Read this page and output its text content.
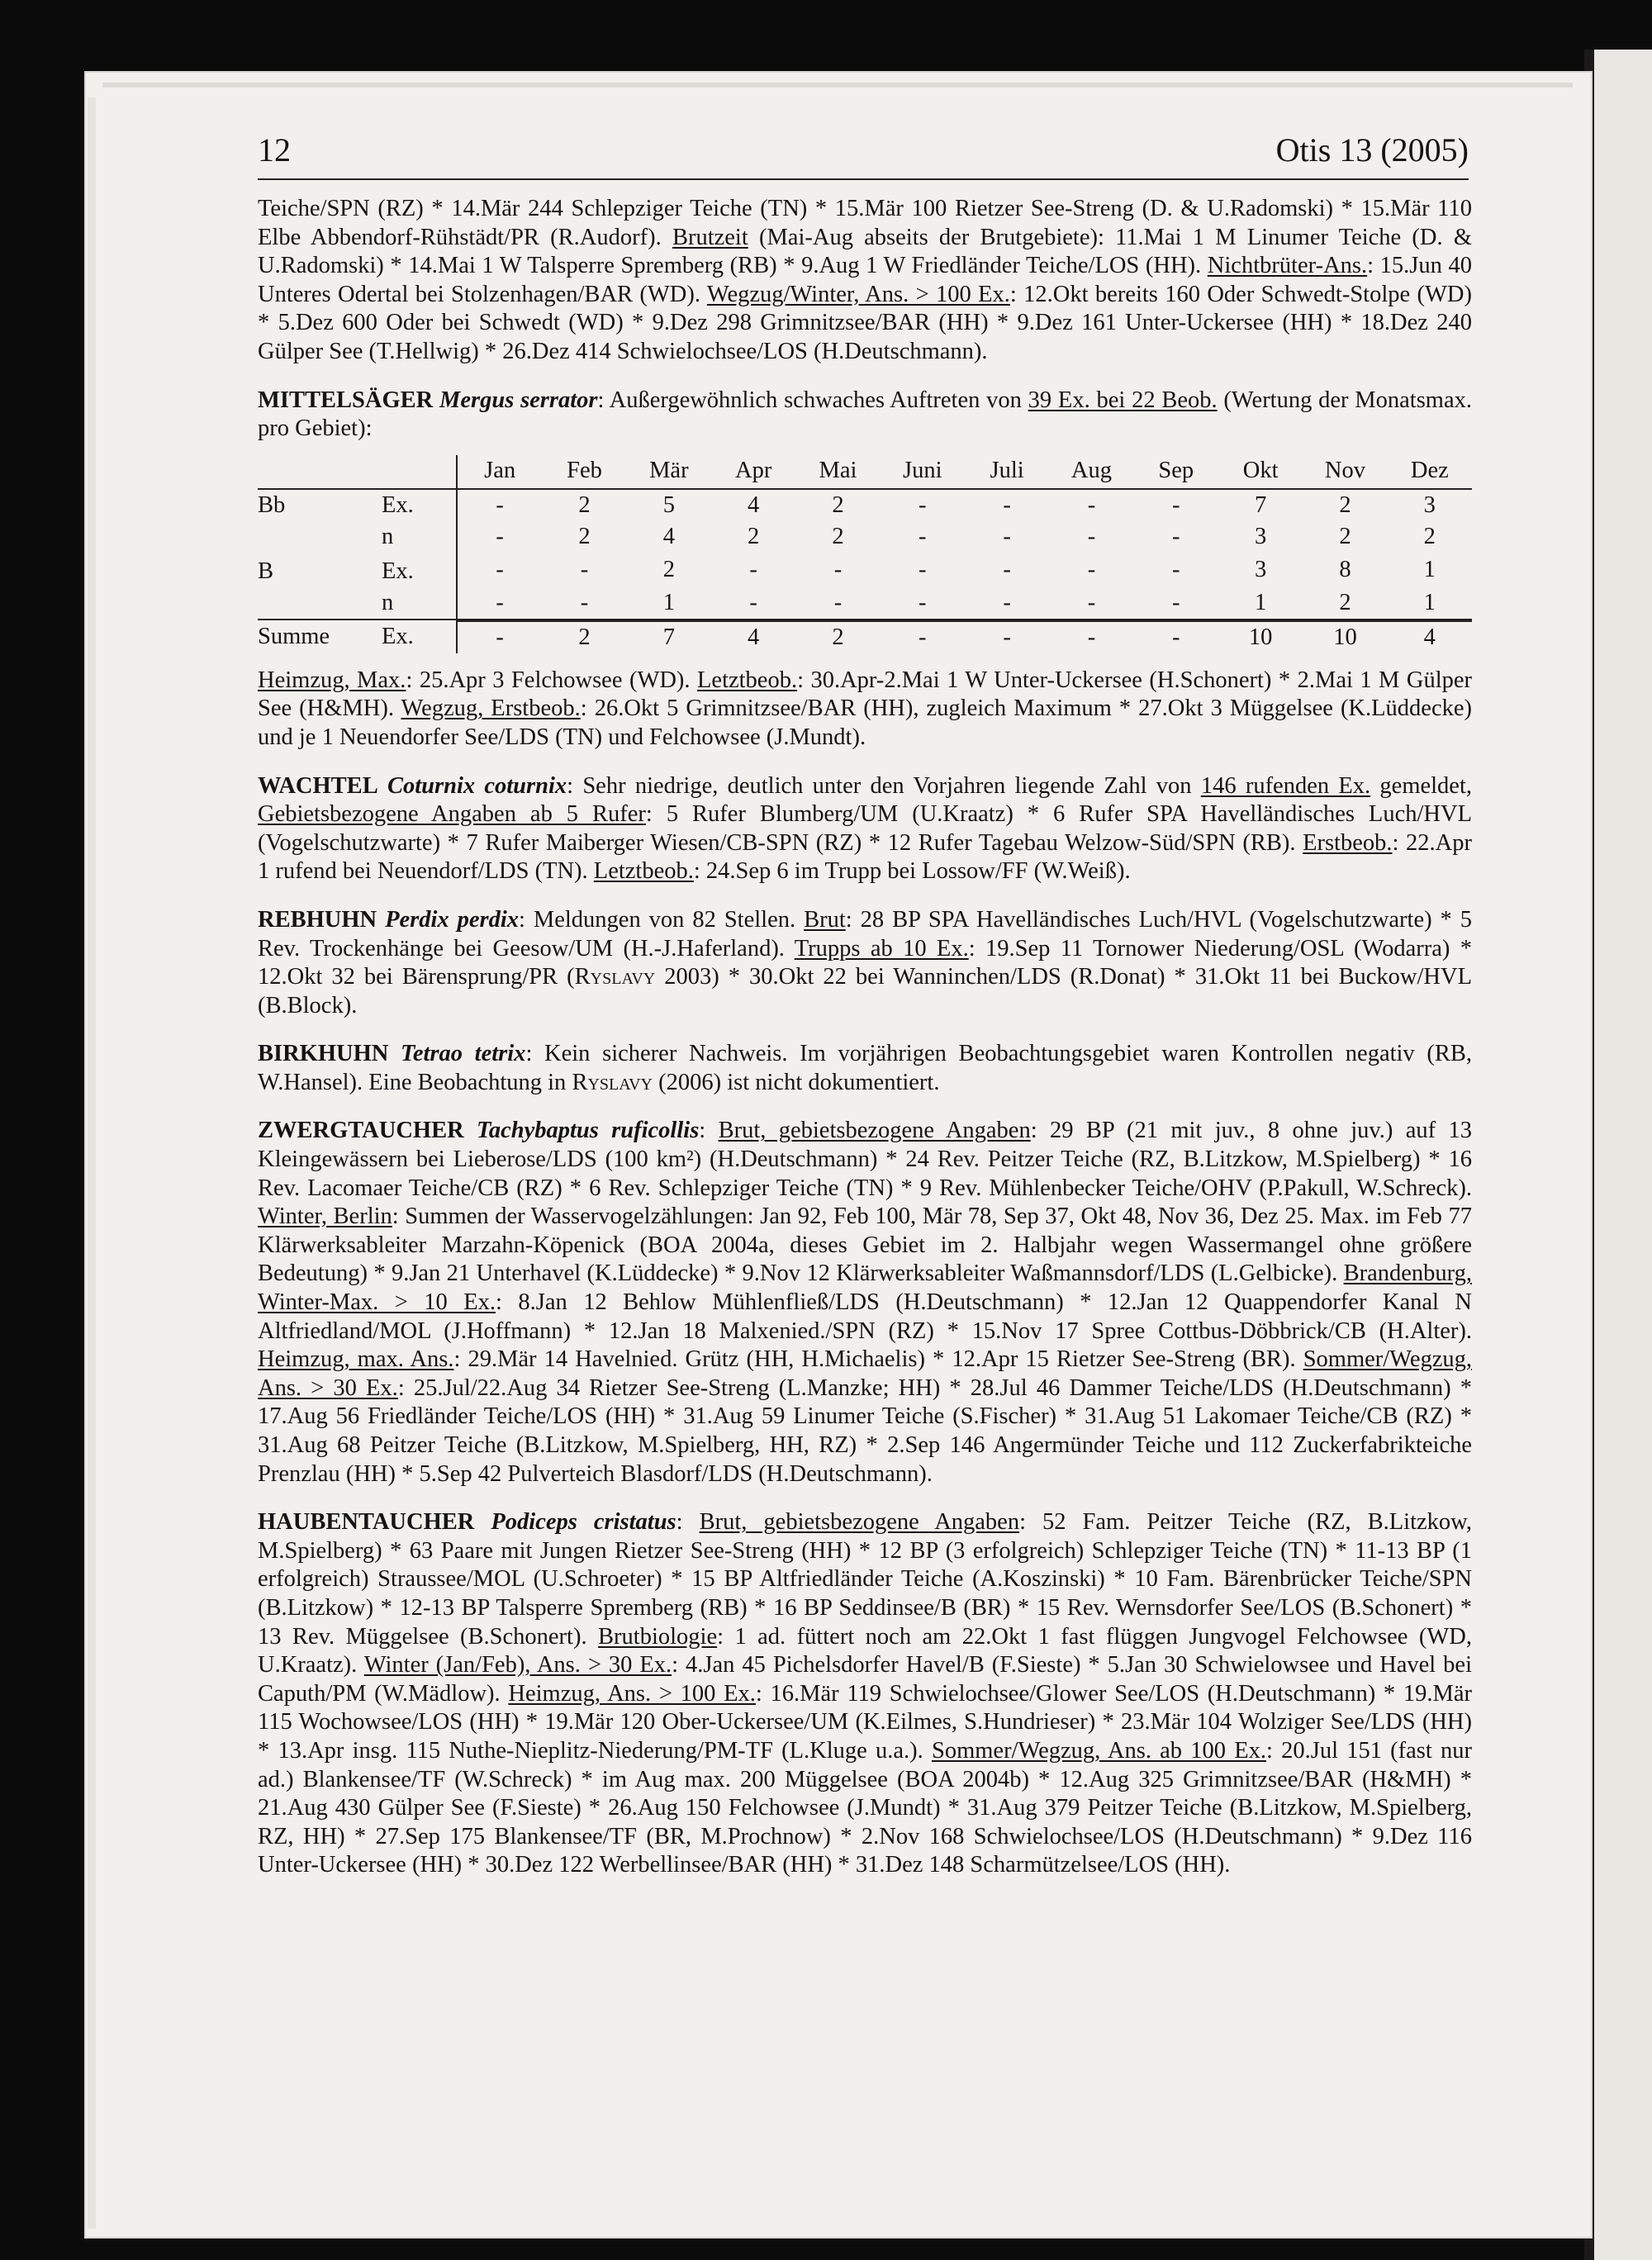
12	Otis 13 (2005)

Teiche/SPN (RZ) * 14.Mär 244 Schlepziger Teiche (TN) * 15.Mär 100 Rietzer See-Streng (D. & U.Radomski) * 15.Mär 110 Elbe Abbendorf-Rühstädt/PR (R.Audorf). Brutzeit (Mai-Aug abseits der Brutgebiete): 11.Mai 1 M Linumer Teiche (D. & U.Radomski) * 14.Mai 1 W Talsperre Spremberg (RB) * 9.Aug 1 W Friedländer Teiche/LOS (HH). Nichtbrüter-Ans.: 15.Jun 40 Unteres Odertal bei Stolzenhagen/BAR (WD). Wegzug/Winter, Ans. > 100 Ex.: 12.Okt bereits 160 Oder Schwedt-Stolpe (WD) * 5.Dez 600 Oder bei Schwedt (WD) * 9.Dez 298 Grimnitzsee/BAR (HH) * 9.Dez 161 Unter-Uckersee (HH) * 18.Dez 240 Gülper See (T.Hellwig) * 26.Dez 414 Schwielochsee/LOS (H.Deutschmann).

MITTELSÄGER Mergus serrator: Außergewöhnlich schwaches Auftreten von 39 Ex. bei 22 Beob. (Wertung der Monatsmax. pro Gebiet):

Jan	Feb	Mär	Apr	Mai	Juni	Juli	Aug	Sep	Okt	Nov	Dez

Bb	Ex.		-	2	5	4	2	-	-	-	-	7	2	3

	n		-	2	4	2	2	-	-	-	-	3	2	2

B	Ex.		-	-	2	-	-	-	-	-	-	3	8	1

	n		-	-	1	-	-	-	-	-	-	1	2	1

Summe	Ex.		-	2	7	4	2	-	-	-	-	10	10	4

Heimzug, Max.: 25.Apr 3 Felchowsee (WD). Letztbeob.: 30.Apr-2.Mai 1 W Unter-Uckersee (H.Schonert) * 2.Mai 1 M Gülper See (H&MH). Wegzug, Erstbeob.: 26.Okt 5 Grimnitzsee/BAR (HH), zugleich Maximum * 27.Okt 3 Müggelsee (K.Lüddecke) und je 1 Neuendorfer See/LDS (TN) und Felchowsee (J.Mundt).

WACHTEL Coturnix coturnix: Sehr niedrige, deutlich unter den Vorjahren liegende Zahl von 146 rufenden Ex. gemeldet, Gebietsbezogene Angaben ab 5 Rufer: 5 Rufer Blumberg/UM (U.Kraatz) * 6 Rufer SPA Havelländisches Luch/HVL (Vogelschutzwarte) * 7 Rufer Maiberger Wiesen/CB-SPN (RZ) * 12 Rufer Tagebau Welzow-Süd/SPN (RB). Erstbeob.: 22.Apr 1 rufend bei Neuendorf/LDS (TN). Letztbeob.: 24.Sep 6 im Trupp bei Lossow/FF (W.Weiß).

REBHUHN Perdix perdix: Meldungen von 82 Stellen. Brut: 28 BP SPA Havelländisches Luch/HVL (Vogelschutzwarte) * 5 Rev. Trockenhänge bei Geesow/UM (H.-J.Haferland). Trupps ab 10 Ex.: 19.Sep 11 Tornower Niederung/OSL (Wodarra) * 12.Okt 32 bei Bärensprung/PR (Ryslavy 2003) * 30.Okt 22 bei Wanninchen/LDS (R.Donat) * 31.Okt 11 bei Buckow/HVL (B.Block).

BIRKHUHN Tetrao tetrix: Kein sicherer Nachweis. Im vorjährigen Beobachtungsgebiet waren Kontrollen negativ (RB, W.Hansel). Eine Beobachtung in Ryslavy (2006) ist nicht dokumentiert.

ZWERGTAUCHER Tachybaptus ruficollis: Brut, gebietsbezogene Angaben: 29 BP (21 mit juv., 8 ohne juv.) auf 13 Kleingewässern bei Lieberose/LDS (100 km²) (H.Deutschmann) * 24 Rev. Peitzer Teiche (RZ, B.Litzkow, M.Spielberg) * 16 Rev. Lacomaer Teiche/CB (RZ) * 6 Rev. Schlepziger Teiche (TN) * 9 Rev. Mühlenbecker Teiche/OHV (P.Pakull, W.Schreck). Winter, Berlin: Summen der Wasservogelzählungen: Jan 92, Feb 100, Mär 78, Sep 37, Okt 48, Nov 36, Dez 25. Max. im Feb 77 Klärwerksableiter Marzahn-Köpenick (BOA 2004a, dieses Gebiet im 2. Halbjahr wegen Wassermangel ohne größere Bedeutung) * 9.Jan 21 Unterhavel (K.Lüddecke) * 9.Nov 12 Klärwerksableiter Waßmannsdorf/LDS (L.Gelbicke). Brandenburg, Winter-Max. > 10 Ex.: 8.Jan 12 Behlow Mühlenfließ/LDS (H.Deutschmann) * 12.Jan 12 Quappendorfer Kanal N Altfriedland/MOL (J.Hoffmann) * 12.Jan 18 Malxenied./SPN (RZ) * 15.Nov 17 Spree Cottbus-Döbbrick/CB (H.Alter). Heimzug, max. Ans.: 29.Mär 14 Havelnied. Grütz (HH, H.Michaelis) * 12.Apr 15 Rietzer See-Streng (BR). Sommer/Wegzug, Ans. > 30 Ex.: 25.Jul/22.Aug 34 Rietzer See-Streng (L.Manzke; HH) * 28.Jul 46 Dammer Teiche/LDS (H.Deutschmann) * 17.Aug 56 Friedländer Teiche/LOS (HH) * 31.Aug 59 Linumer Teiche (S.Fischer) * 31.Aug 51 Lakomaer Teiche/CB (RZ) * 31.Aug 68 Peitzer Teiche (B.Litzkow, M.Spielberg, HH, RZ) * 2.Sep 146 Angermünder Teiche und 112 Zuckerfabrikteiche Prenzlau (HH) * 5.Sep 42 Pulverteich Blasdorf/LDS (H.Deutschmann).

HAUBENTAUCHER Podiceps cristatus: Brut, gebietsbezogene Angaben: 52 Fam. Peitzer Teiche (RZ, B.Litzkow, M.Spielberg) * 63 Paare mit Jungen Rietzer See-Streng (HH) * 12 BP (3 erfolgreich) Schlepziger Teiche (TN) * 11-13 BP (1 erfolgreich) Straussee/MOL (U.Schroeter) * 15 BP Altfriedländer Teiche (A.Koszinski) * 10 Fam. Bärenbrücker Teiche/SPN (B.Litzkow) * 12-13 BP Talsperre Spremberg (RB) * 16 BP Seddinsee/B (BR) * 15 Rev. Wernsdorfer See/LOS (B.Schonert) * 13 Rev. Müggelsee (B.Schonert). Brutbiologie: 1 ad. füttert noch am 22.Okt 1 fast flüggen Jungvogel Felchowsee (WD, U.Kraatz). Winter (Jan/Feb), Ans. > 30 Ex.: 4.Jan 45 Pichelsdorfer Havel/B (F.Sieste) * 5.Jan 30 Schwielowsee und Havel bei Caputh/PM (W.Mädlow). Heimzug, Ans. > 100 Ex.: 16.Mär 119 Schwielochsee/Glower See/LOS (H.Deutschmann) * 19.Mär 115 Wochowsee/LOS (HH) * 19.Mär 120 Ober-Uckersee/UM (K.Eilmes, S.Hundrieser) * 23.Mär 104 Wolziger See/LDS (HH) * 13.Apr insg. 115 Nuthe-Nieplitz-Niederung/PM-TF (L.Kluge u.a.). Sommer/Wegzug, Ans. ab 100 Ex.: 20.Jul 151 (fast nur ad.) Blankensee/TF (W.Schreck) * im Aug max. 200 Müggelsee (BOA 2004b) * 12.Aug 325 Grimnitzsee/BAR (H&MH) * 21.Aug 430 Gülper See (F.Sieste) * 26.Aug 150 Felchowsee (J.Mundt) * 31.Aug 379 Peitzer Teiche (B.Litzkow, M.Spielberg, RZ, HH) * 27.Sep 175 Blankensee/TF (BR, M.Prochnow) * 2.Nov 168 Schwielochsee/LOS (H.Deutschmann) * 9.Dez 116 Unter-Uckersee (HH) * 30.Dez 122 Werbellinsee/BAR (HH) * 31.Dez 148 Scharmützelsee/LOS (HH).
